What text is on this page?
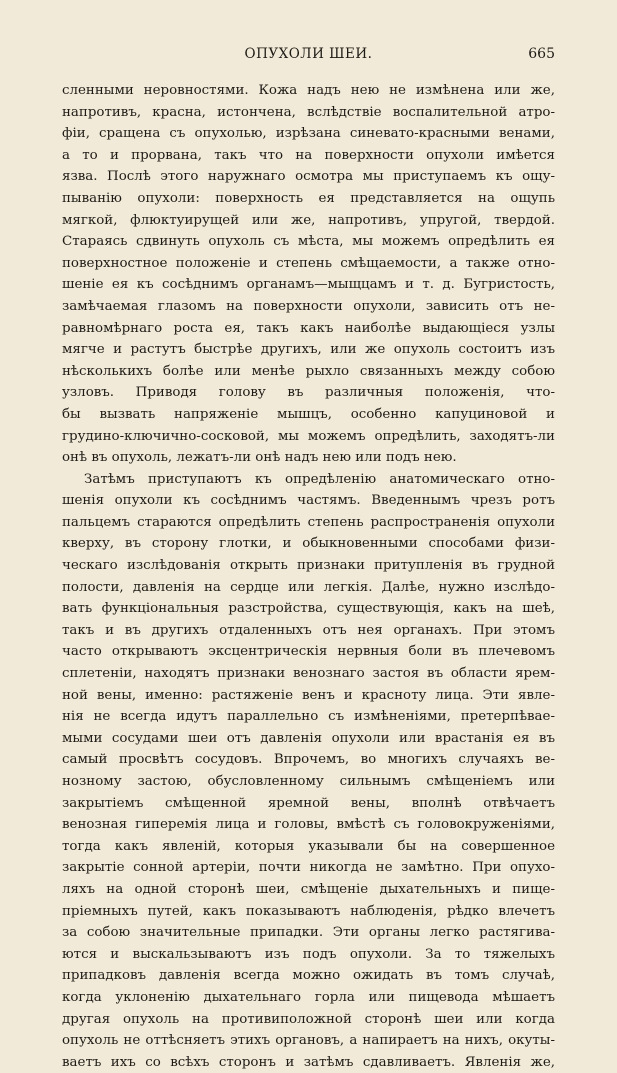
ОПУХОЛИ ШЕИ.	665
сленными неровностями. Кожа надъ нею не измѣнена или же,
напротивъ, красна, истончена, вслѣдствіе воспалительной атро-
фіи, сращена съ опухолью, изрѣзана синевато-красными венами,
а то и прорвана, такъ что на поверхности опухоли имѣется
язва. Послѣ этого наружнаго осмотра мы приступаемъ къ ощу-
пыванію опухоли: поверхность ея представляется на ощупь
мягкой, флюктуирущей или же, напротивъ, упругой, твердой.
Стараясь сдвинуть опухоль съ мѣста, мы можемъ опредѣлить ея
поверхностное положеніе и степень смѣщаемости, а также отно-
шеніе ея къ сосѣднимъ органамъ—мыщцамъ и т. д. Бугристость,
замѣчаемая глазомъ на поверхности опухоли, зависить отъ не-
равномѣрнаго роста ея, такъ какъ наиболѣе выдающіеся узлы
мягче и растутъ быстрѣе другихъ, или же опухоль состоитъ изъ
нѣсколькихъ болѣе или менѣе рыхло связанныхъ между собою
узловъ. Приводя голову въ различныя положенія, что-
бы вызвать напряженіе мышцъ, особенно капуциновой и
грудино-ключично-сосковой, мы можемъ опредѣлить, заходятъ-ли
онѣ въ опухоль, лежатъ-ли онѣ надъ нею или подъ нею.
Затѣмъ приступаютъ къ опредѣленію анатомическаго отно-
шенія опухоли къ сосѣднимъ частямъ. Введеннымъ чрезъ ротъ
пальцемъ стараются опредѣлить степень распространенія опухоли
кверху, въ сторону глотки, и обыкновенными способами физи-
ческаго изслѣдованія открыть признаки притупленія въ грудной
полости, давленія на сердце или легкія. Далѣе, нужно изслѣдо-
вать функціональныя разстройства, существующія, какъ на шеѣ,
такъ и въ другихъ отдаленныхъ отъ нея органахъ. При этомъ
часто открываютъ эксцентрическія нервныя боли въ плечевомъ
сплетеніи, находятъ признаки венознаго застоя въ области ярем-
ной вены, именно: растяженіе венъ и красноту лица. Эти явле-
нія не всегда идутъ параллельно съ измѣненіями, претерпѣвае-
мыми сосудами шеи отъ давленія опухоли или врастанія ея въ
самый просвѣтъ сосудовъ. Впрочемъ, во многихъ случаяхъ ве-
нозному застою, обусловленному сильнымъ смѣщеніемъ или
закрытіемъ смѣщенной яремной вены, вполнѣ отвѣчаетъ
венозная гиперемія лица и головы, вмѣстѣ съ головокруженіями,
тогда какъ явленій, которыя указывали бы на совершенное
закрытіе сонной артеріи, почти никогда не замѣтно. При опухо-
ляхъ на одной сторонѣ шеи, смѣщеніе дыхательныхъ и пище-
пріемныхъ путей, какъ показываютъ наблюденія, рѣдко влечетъ
за собою значительные припадки. Эти органы легко растягива-
ются и выскальзываютъ изъ подъ опухоли. За то тяжелыхъ
припадковъ давленія всегда можно ожидать въ томъ случаѣ,
когда уклоненію дыхательнаго горла или пищевода мѣшаетъ
другая опухоль на противиположной сторонѣ шеи или когда
опухоль не оттѣсняетъ этихъ органовъ, а напираетъ на нихъ, окуты-
ваетъ ихъ со всѣхъ сторонъ и затѣмъ сдавливаетъ. Явленія же,
